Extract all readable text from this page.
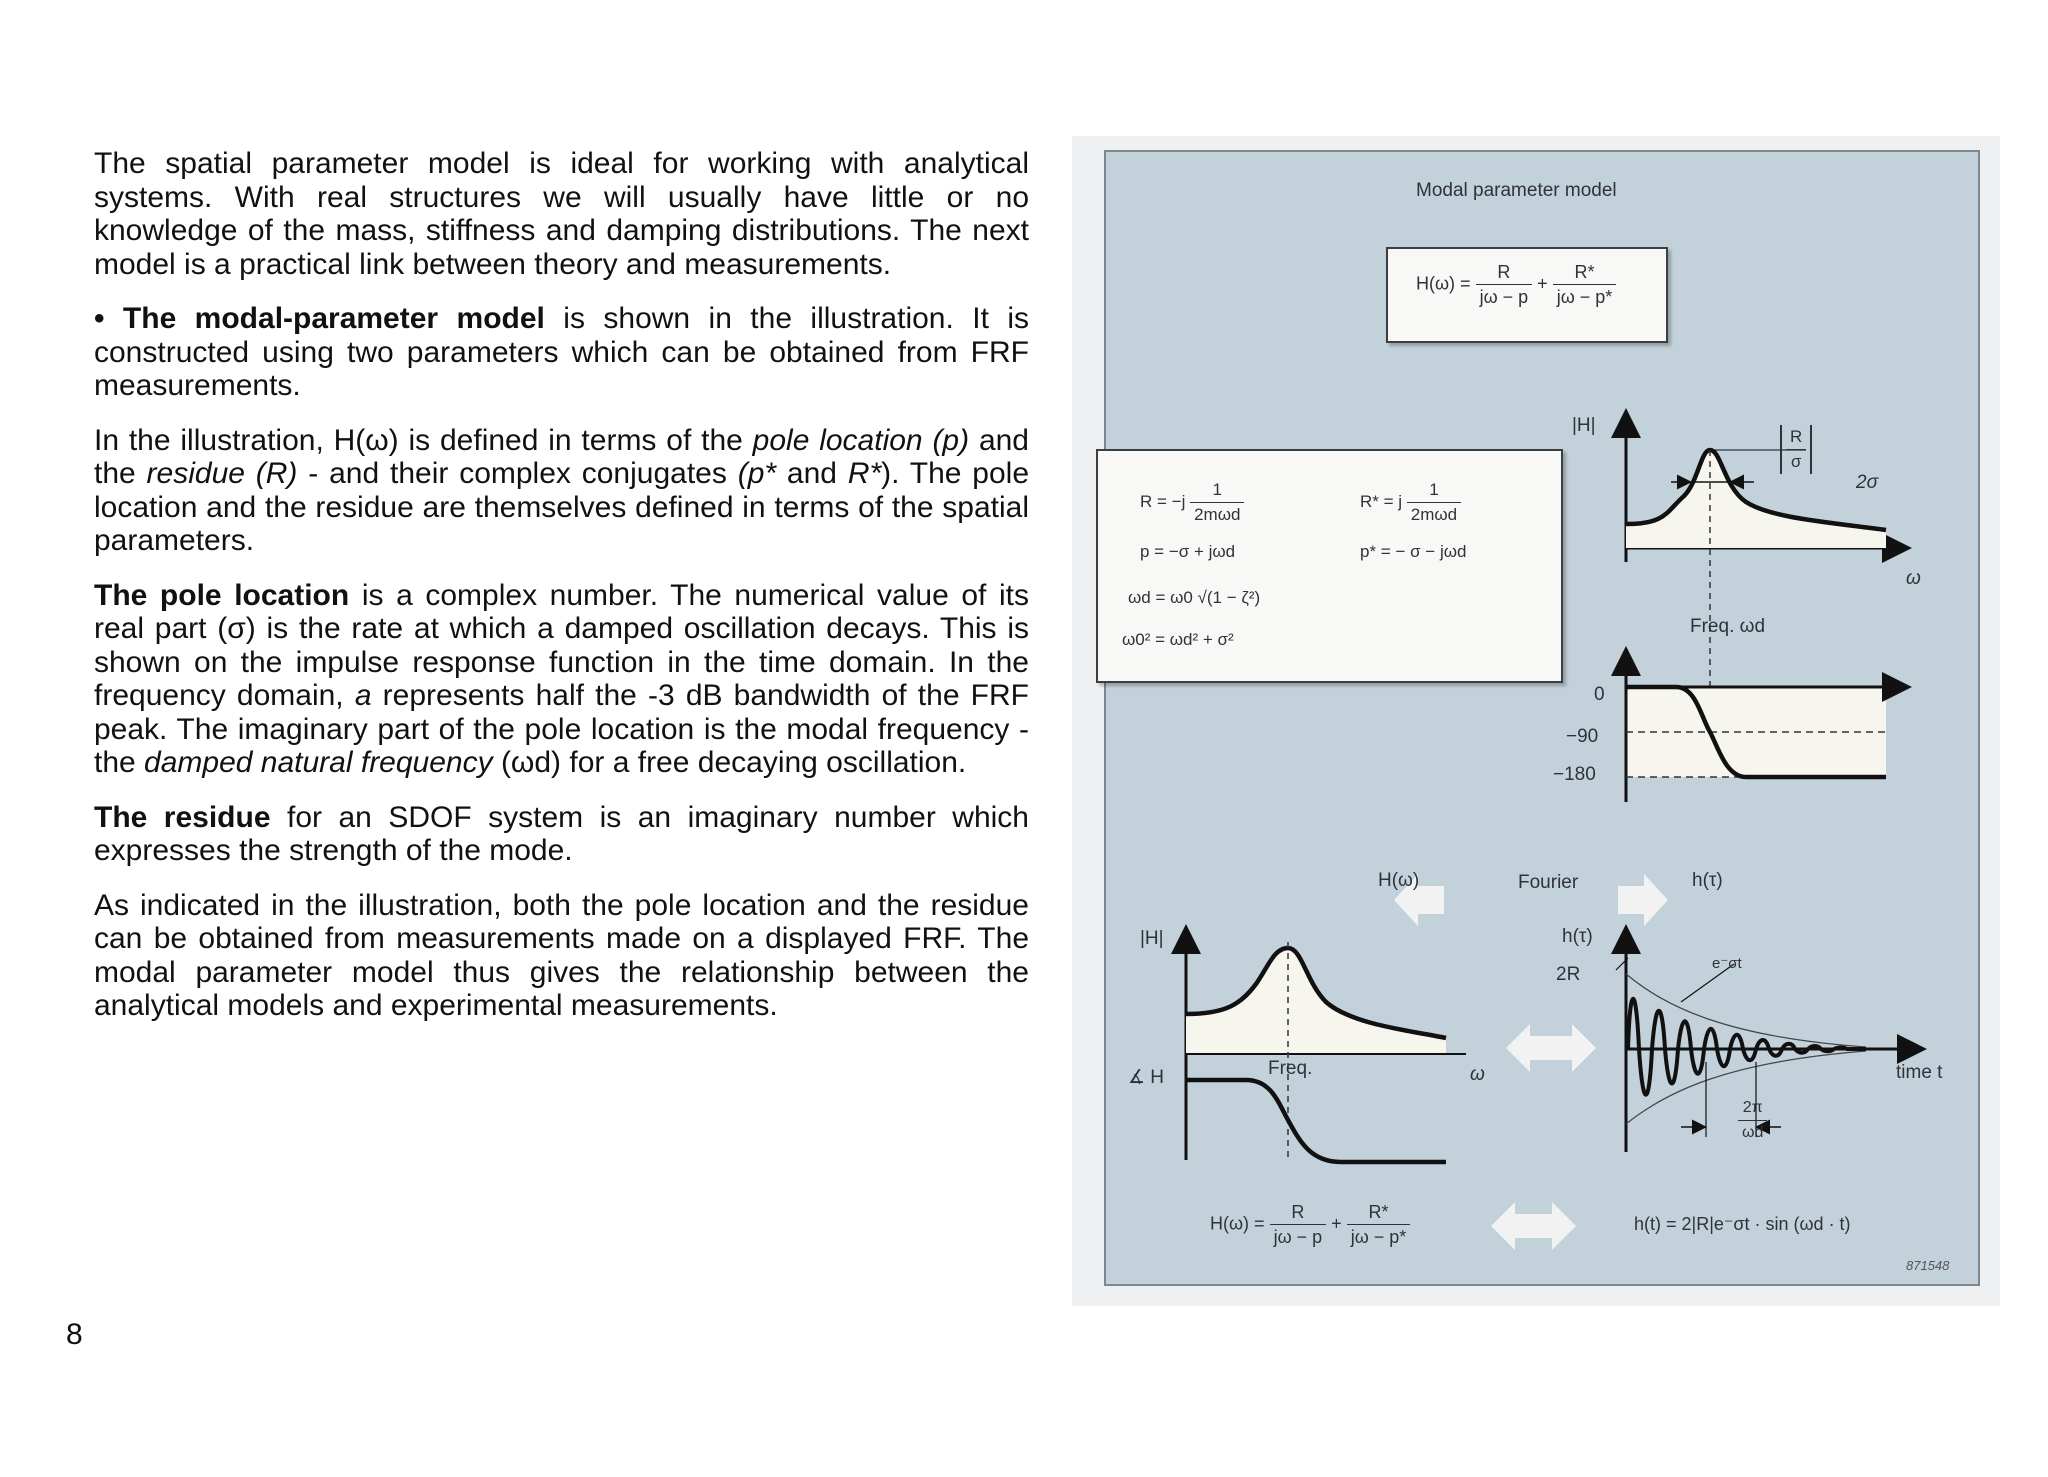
The spatial parameter model is ideal for working with analytical systems. With real structures we will usually have little or no knowledge of the mass, stiffness and damping distributions. The next model is a practical link between theory and measurements.

• The modal-parameter model is shown in the illustration. It is constructed using two parameters which can be obtained from FRF measurements.

In the illustration, H(ω) is defined in terms of the pole location (p) and the residue (R) - and their complex conjugates (p* and R*). The pole location and the residue are themselves defined in terms of the spatial parameters.

The pole location is a complex number. The numerical value of its real part (σ) is the rate at which a damped oscillation decays. This is shown on the impulse response function in the time domain. In the frequency domain, a represents half the -3 dB bandwidth of the FRF peak. The imaginary part of the pole location is the modal frequency - the damped natural frequency (ωd) for a free decaying oscillation.

The residue for an SDOF system is an imaginary number which expresses the strength of the mode.

As indicated in the illustration, both the pole location and the residue can be obtained from measurements made on a displayed FRF. The modal parameter model thus gives the relationship between the analytical models and experimental measurements.

8
Modal parameter model
$H(\omega) = \frac{R}{j\omega - p} + \frac{R*}{j\omega - p*}$
$R = -j \frac{1}{\text{2mωd}}$	R* = j $\frac{1}{\text{2mωd}}$
p = −σ + jωd	p* = − σ − jωd
ωd = ω0 √(1 − ζ²)
ω0² = ωd² + σ²
|H|	$\frac{R}{\sigma}$
2σ
ω
Freq. ωd
0
−90
−180
H(ω)	Fourier	h(τ)
|H|
∡ H	Freq.	ω
h(τ)
2R
e⁻σt
time t
$\frac{2\pi}{\omega d}$
$H(\omega) = \frac{R}{j\omega - p} + \frac{R*}{j\omega - p*}$	h(t) = 2|R|e⁻σt · sin (ωd · t)
871548
